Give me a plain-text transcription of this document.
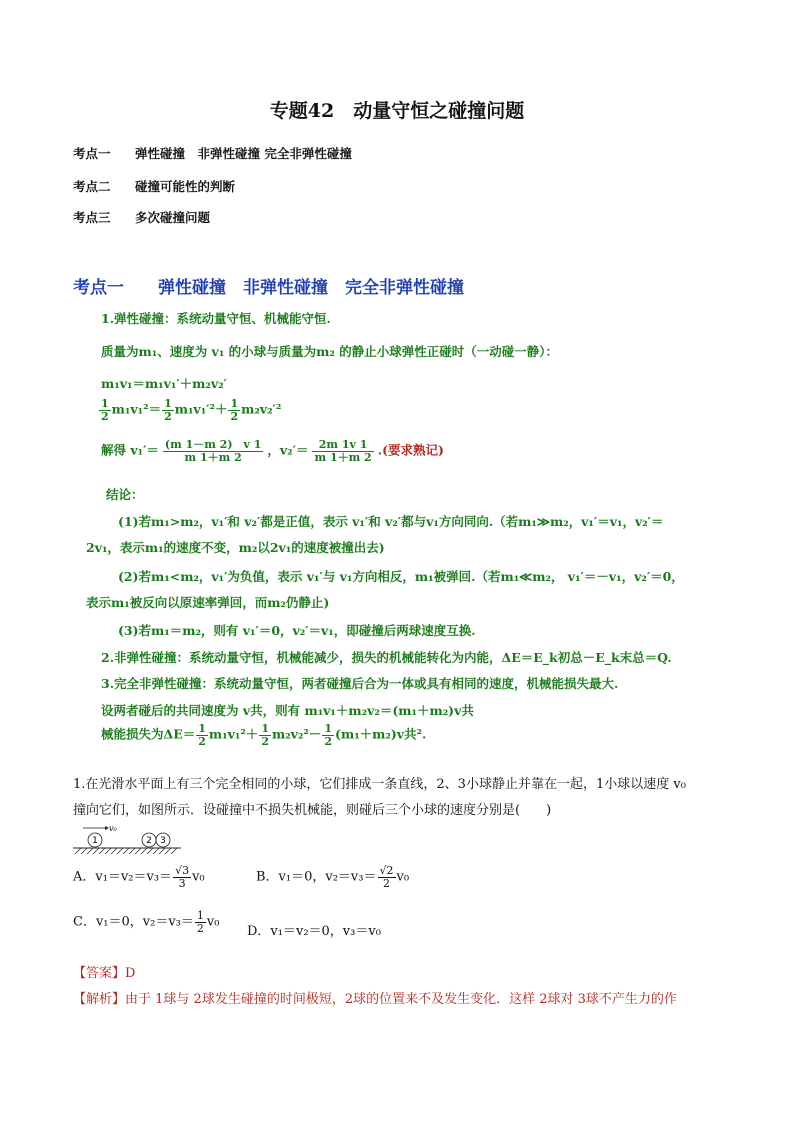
专题42　动量守恒之碰撞问题
考点一 弹性碰撞　非弹性碰撞 完全非弹性碰撞
考点二 碰撞可能性的判断
考点三 多次碰撞问题
考点一　　弹性碰撞　非弹性碰撞　完全非弹性碰撞
1.弹性碰撞：系统动量守恒、机械能守恒.
质量为m₁、速度为 v₁ 的小球与质量为m₂ 的静止小球弹性正碰时（一动碰一静）：
m₁v₁＝m₁v₁′＋m₂v₂′
$\frac{1}{2} m_1v_1^2= \frac{1}{2} m_1v_1'^2+ \frac{1}{2} m_2v_2'^2$
解得 $v_1'= \frac{(m 1-m 2) v 1}{m 1+m 2}$ ，$v_2'= \frac{2m 1v 1}{m 1+m 2}$ .(要求熟记)
结论：
(1)若m₁>m₂，v₁′和 v₂′都是正值，表示 v₁′和 v₂′都与v₁方向同向.（若m₁≫m₂，v₁′＝v₁，v₂′＝
2v₁，表示m₁的速度不变，m₂以2v₁的速度被撞出去)
(2)若m₁<m₂，v₁′为负值，表示 v₁′与 v₁方向相反，m₁被弹回.（若m₁≪m₂， v₁′＝－v₁，v₂′＝0，
表示m₁被反向以原速率弹回，而m₂仍静止)
(3)若m₁＝m₂，则有 v₁′＝0，v₂′＝v₁，即碰撞后两球速度互换.
2.非弹性碰撞：系统动量守恒，机械能减少，损失的机械能转化为内能，ΔE＝E_k初总－E_k末总＝Q.
3.完全非弹性碰撞：系统动量守恒，两者碰撞后合为一体或具有相同的速度，机械能损失最大.
设两者碰后的共同速度为 v共，则有 m₁v₁＋m₂v₂＝(m₁＋m₂)v共
械能损失为$\Delta E= \frac{1}{2} m_1v_1^2+ \frac{1}{2} m_2v_2^2- \frac{1}{2} (m_1+m_2)v$共².
1.在光滑水平面上有三个完全相同的小球，它们排成一条直线，2、3小球静止并靠在一起，1小球以速度 v₀
撞向它们，如图所示．设碰撞中不损失机械能，则碰后三个小球的速度分别是(　　)
v₀
1	2 3
A．$v_1=v_2=v_3= \frac{√3}{3} v_0$	B．v₁＝0，$v_2=v_3= \frac{√2}{2} v_0$
C．v₁＝0，$v_2=v_3= \frac{1}{2} v_0$
D．v₁＝v₂＝0，v₃＝v₀
【答案】D
【解析】由于 1球与 2球发生碰撞的时间极短，2球的位置来不及发生变化．这样 2球对 3球不产生力的作
